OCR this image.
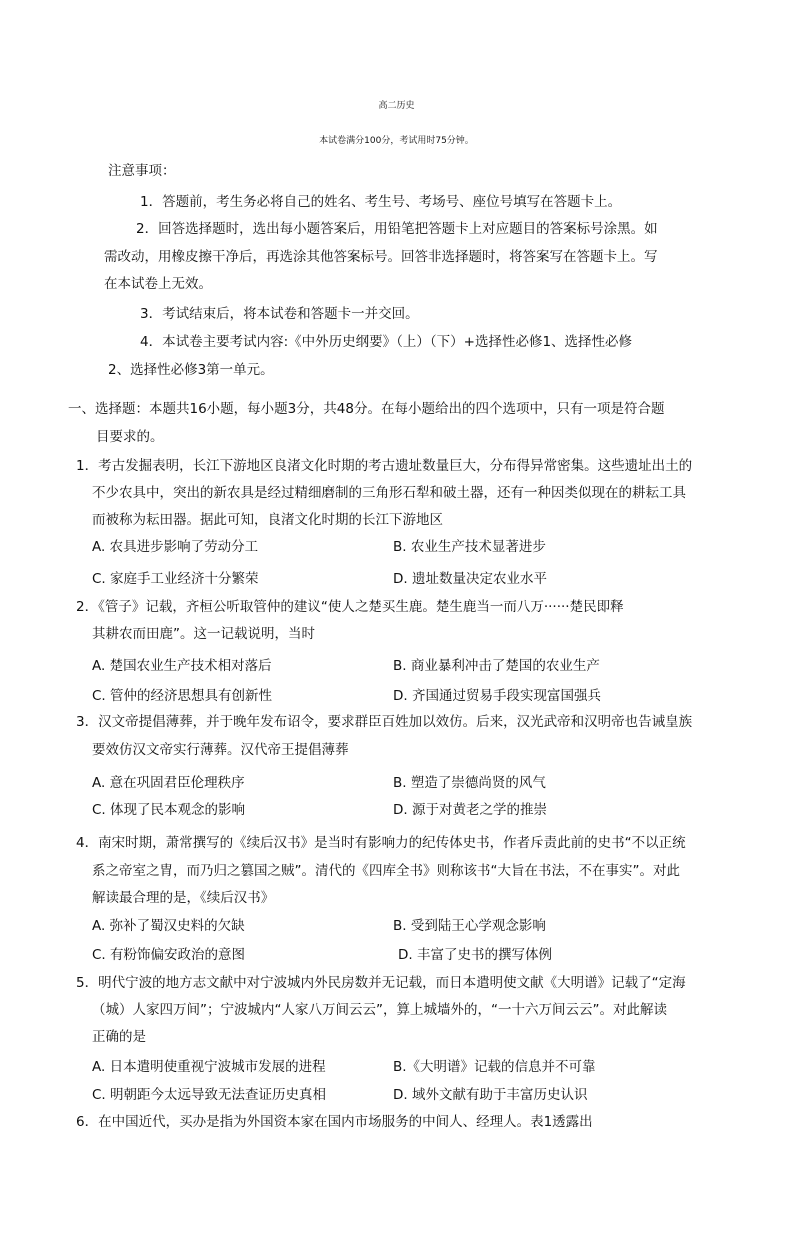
高二历史
本试卷满分100分，考试用时75分钟。
注意事项：
1．答题前，考生务必将自己的姓名、考生号、考场号、座位号填写在答题卡上。
2．回答选择题时，选出每小题答案后，用铅笔把答题卡上对应题目的答案标号涂黑。如
需改动，用橡皮擦干净后，再选涂其他答案标号。回答非选择题时，将答案写在答题卡上。写
在本试卷上无效。
3．考试结束后，将本试卷和答题卡一并交回。
4．本试卷主要考试内容:《中外历史纲要》（上）（下）+选择性必修1、选择性必修
2、选择性必修3第一单元。
一、选择题：本题共16小题，每小题3分，共48分。在每小题给出的四个选项中，只有一项是符合题
目要求的。
1．考古发掘表明，长江下游地区良渚文化时期的考古遗址数量巨大，分布得异常密集。这些遗址出土的
不少农具中，突出的新农具是经过精细磨制的三角形石犁和破土器，还有一种因类似现在的耕耘工具
而被称为耘田器。据此可知，良渚文化时期的长江下游地区
A. 农具进步影响了劳动分工	B. 农业生产技术显著进步
C. 家庭手工业经济十分繁荣	D. 遗址数量决定农业水平
2．《管子》记载，齐桓公听取管仲的建议“使人之楚买生鹿。楚生鹿当一而八万······楚民即释
其耕农而田鹿”。这一记载说明，当时
A. 楚国农业生产技术相对落后	B. 商业暴利冲击了楚国的农业生产
C. 管仲的经济思想具有创新性	D. 齐国通过贸易手段实现富国强兵
3．汉文帝提倡薄葬，并于晚年发布诏令，要求群臣百姓加以效仿。后来，汉光武帝和汉明帝也告诫皇族
要效仿汉文帝实行薄葬。汉代帝王提倡薄葬
A. 意在巩固君臣伦理秩序	B. 塑造了崇德尚贤的风气
C. 体现了民本观念的影响	D. 源于对黄老之学的推崇
4．南宋时期，萧常撰写的《续后汉书》是当时有影响力的纪传体史书，作者斥责此前的史书“不以正统
系之帝室之胄，而乃归之篡国之贼”。清代的《四库全书》则称该书“大旨在书法，不在事实”。对此
解读最合理的是，《续后汉书》
A. 弥补了蜀汉史料的欠缺	B. 受到陆王心学观念影响
C. 有粉饰偏安政治的意图	D. 丰富了史书的撰写体例
5．明代宁波的地方志文献中对宁波城内外民房数并无记载，而日本遣明使文献《大明谱》记载了“定海
（城）人家四万间”；宁波城内“人家八万间云云”，算上城墙外的，“一十六万间云云”。对此解读
正确的是
A. 日本遣明使重视宁波城市发展的进程	B.《大明谱》记载的信息并不可靠
C. 明朝距今太远导致无法查证历史真相	D. 域外文献有助于丰富历史认识
6．在中国近代，买办是指为外国资本家在国内市场服务的中间人、经理人。表1透露出
